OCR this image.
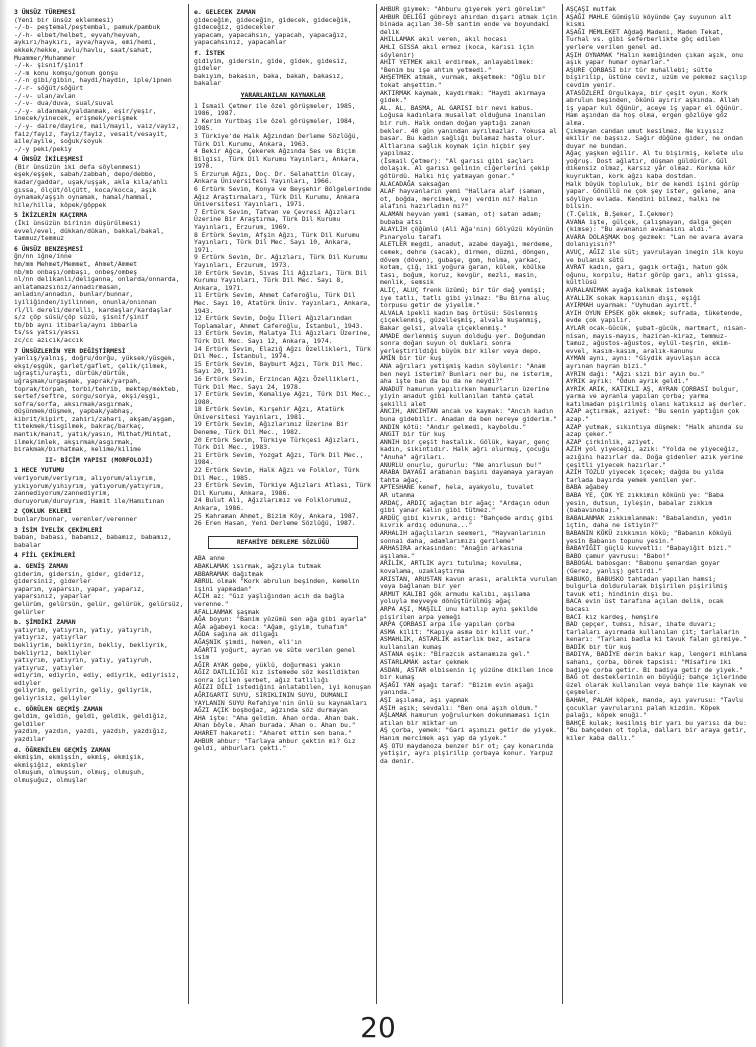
3 ÜNSÜZ TÜREMESİ
(Yeni bir ünsüz eklenmesi)
-/-b- peştemal/peştembal, pamuk/pambuk
-/-h- elbet/helbet, eyvah/heyvah, aykırı/haykırı, ayva/hayva, emi/hemi, ekkek/hekke, avlu/havlu, saat/sahat, Muammer/Muhammer
-/-k- şisnif/şinif
-/-m konu komşu/gonum gonşu
-/-n gibi/gibin, haydi/haydin, iple/ipnen
-/-r- söğüt/söğürt
-/-v- ulan/avlan
-/-v- dua/duva, sual/suval
-/-y- aldanmak/yaldanmak, eşir/yeşir, inecek/yinecek, erişmek/yerişmek
-/-y- daire/dayire, mail/mayil, vaiz/vayiz, faiz/fayiz, fayiz/fayiz, vesait/vesayit, aile/ayile, soğuk/soyuk
-/-y peki/pekiy
4 ÜNSÜZ İKİLEŞMESİ
(Bir ünsüzün iki defa söylenmesi)
eşek/eşşek, sabah/zabbah, depo/debbo, kadar/gaddar, uşak/uşşak, akla kıla/ahlı gıssa, ölçüt/ölçütt, koca/kocca, aşık oynamak/aşşıh oynamak, hamal/hammal, hile/hilla, köpek/göppek
5 İKİZLERİN KAÇIRMA
(İki ünsüzün birinin düşürülmesi)
evvel/evel, dükkan/dükan, bakkal/bakal, tammuz/temmuz
6 ÜNSÜZ BENZEŞMESİ
ğn/nn iğne/inne
hm/mm Mehmet/Memmet, Ahmet/Ammet
nb/mb onbaşı/ombaşı, onbeş/ombeş
nl/nn delikanlı/deliganna, onlarda/onnarda, anlatamazsınız/annadırmasan, anladın/annadın, bunlar/bunnar, iyiliğinden/iyilinnen, onunla/onınnan
rl/ll dereli/derelli, kardaşlar/kardaşlar
s/z çöp süsü/çöp süzü, şisnif/şinif
tb/bb aynı itibarla/aynı ibbarla
ts/ss yatsı/yassı
zc/cc azıcık/accık
7 ÜNSÜZLERİN YER DEĞİŞTİRMESİ
yanlış/yalnış, doğru/dorğu, yüksek/yüsgek, ekşi/eşgük, garlet/gaflet, çelik/çilmek, uğraştı/uraştı, dürtük/dürtük, uğraşmak/urgaşmak, yaprak/yarpah, toprak/torpah, torbi/tehrib, mektep/mekteb, sertef/seftre, sorgu/sorya, ekşi/eşgi, sofra/sorfa, aksırmak/asgırmak, düşünmek/düşmek, yapbak/yabhaş, kibrit/kipirt, zahiri/zahari, akşam/aşgam, titekmek/tisgilmek, bakraç/barkaç, mantık/manıt, yatık/yasın, Mithat/Mihtat, ilmek/imlek, akşırmak/asgırmak, birakmak/bırhatmak, kelime/kilime
II- BİÇİM YAPISI (MORFOLOJİ)
1 HECE YUTUMU
veriyorum/veriyrım, alıyorum/alıyrım, yıkıyorum/yıhıyrım, yatıyorum/yatıyrım, zannediyorum/zannediyrim, duruyorum/duruyrım, Hamit ile/Hamıtınan
2 ÇOKLUK EKLERİ
bunlar/bunnar, verenler/verenner
3 İSİM İYELİK ÇEKİMLERİ
baban, babası, babamız, babamız, babamız, babalar
4 FİİL ÇEKİMLERİ
a. GENİŞ ZAMAN
giderim, gidersin, gider, gideriz, gidersiniz, giderler
yaparım, yaparsın, yapar, yaparız, yaparsınız, yaparlar
gelürüm, gelürsün, gelür, gelürük, gelürsüz, gelürler
b. ŞİMDİKİ ZAMAN
yatıyrım, yatıyrın, yatıy, yatıyrıh, yatıyrız, yatıyrlar
bekliyrim, bekliyrin, bekliy, bekliyrik, bekliyriz, bekliyler
yatıyrım, yatıyrın, yatıy, yatıyruh, yatıyruz, yatıyler
ediyrim, ediyrin, ediy, ediyrik, ediyrisiz, ediyler
geliyrim, geliyrin, geliy, geliyrik, geliyrisiz, geliyler
c. GÖRÜLEN GEÇMİŞ ZAMAN
geldim, geldin, geldi, geldik, geldiğiz, geldiler
yazdım, yazdın, yazdı, yazdıh, yazdığız, yazdılar
d. ÖĞRENİLEN GEÇMİŞ ZAMAN
ekmişim, ekmişsin, ekmiş, ekmişik, ekmişiğiz, ekmişler
olmuşum, olmuşsun, olmuş, olmuşuh, olmuşuğuz, olmuşlar
e. GELECEK ZAMAN
gideceğim, gideceğin, gidecek, gideceğik, gideceğiz, gidecekler
yapacam, yapacahsın, yapacah, yapacağız, yapacahsınız, yapacahlar
f. İSTEK
gidiyim, gidersin, gide, gidek, gidesiz, gideler
bakıyım, bakasın, baka, bakah, bakasız, bakalar
YARARLANILAN KAYNAKLAR
1 İsmail Çetmer ile özel görüşmeler, 1985, 1986, 1987.
2 Kerim Yurtbaş ile özel görüşmeler, 1984, 1985.
3 Türkiye'de Halk Ağzından Derleme Sözlüğü, Türk Dil Kurumu, Ankara, 1963.
4 Bekir Ağca, Çekerek Ağzında Ses ve Biçim Bilgisi, Türk Dil Kurumu Yayınları, Ankara, 1970.
5 Erzurum Ağzı, Doç. Dr. Selahattin Olcay, Ankara Üniversitesi Yayınları, 1966.
6 Ertürk Sevim, Konya ve Beyşehir Bölgelerinde Ağız Araştırmaları, Türk Dil Kurumu, Ankara Üniversitesi Yayınları, 1971.
7 Ertürk Sevim, Tatvan ve Çevresi Ağızları Üzerine Bir Araştırma, Türk Dil Kurumu Yayınları, Erzurum, 1969.
8 Ertürk Sevim, Afşin Ağzı, Türk Dil Kurumu Yayınları, Türk Dil Mec. Sayı 10, Ankara, 1971.
9 Ertürk Sevim, Dr. Ağızları, Türk Dil Kurumu Yayınları, Erzurum, 1973.
10 Ertürk Sevim, Sivas İli Ağızları, Türk Dil Kurumu Yayınları, Türk Dil Mec. Sayı 8, Ankara, 1971.
11 Ertürk Sevim, Ahmet Caferoğlu, Türk Dil Mec. Sayı 10, Atatürk Üniv. Yayınları, Ankara, 1943.
12 Ertürk Sevim, Doğu İlleri Ağızlarından Toplamalar, Ahmet Caferoğlu, İstanbul, 1943.
13 Ertürk Sevim, Malatya İli Ağızları Üzerine, Türk Dil Mec. Sayı 12, Ankara, 1974.
14 Ertürk Sevim, Elazığ Ağzı Özellikleri, Türk Dil Mec., İstanbul, 1974.
15 Ertürk Sevim, Bayburt Ağzı, Türk Dil Mec. Sayı 20, 1971.
16 Ertürk Sevim, Erzincan Ağzı Özellikleri, Türk Dil Mec. Sayı 24, 1978.
17 Ertürk Sevim, Kemaliye Ağzı, Türk Dil Mec., 1980.
18 Ertürk Sevim, Kırşehir Ağzı, Atatürk Üniversitesi Yayınları, 1981.
19 Ertürk Sevim, Ağızlarımız Üzerine Bir Deneme, Türk Dil Mec., 1982.
20 Ertürk Sevim, Türkiye Türkçesi Ağızları, Türk Dil Mec., 1983.
21 Ertürk Sevim, Yozgat Ağzı, Türk Dil Mec., 1984.
22 Ertürk Sevim, Halk Ağzı ve Folklor, Türk Dil Mec., 1985.
23 Ertürk Sevim, Türkiye Ağızları Atlası, Türk Dil Kurumu, Ankara, 1986.
24 Bulut Ali, Ağızlarımız ve Folklorumuz, Ankara, 1986.
25 Kahraman Ahmet, Bizim Köy, Ankara, 1987.
26 Eren Hasan, Yeni Derleme Sözlüğü, 1987.
REFAHİYE DERLEME SÖZLÜĞÜ
ABA anne
ABAKLAMAK ısırmak, ağzıyla tutmak
ABBARAMAK dağıtmak
ABRUL olmak "Kork abrulun beşinden, kemelin işini yapmadan"
ACIH az: "Gız yaşlığından acıh da bağla verenne."
AFALLANMAK şaşmak
AĞA boyun: "Banim yüzümü sen ağa gibi ayarla"
AĞA ağabeyi koca: "Ağam, giyim, tuhafım"
AĞDA sağına ak dilgağı
AĞAŞNIK şimdi, hemen, eli'ın
AĞARTI yoğurt, ayran ve süte verilen genel isim
AĞIR AYAK gebe, yüklü, doğurması yakın
AĞIZ DATLILIĞI kız istemede söz kesildikten sonra içilen şerbet, ağız tatlılığı
AĞIZI DİLİ istediğini anlatabilen, iyi konuşan
AĞRIGARTI SUYU, SIRIKLININ SUYU, DUMANLI YAYLANIN SUYU Refahiye'nin ünlü su kaynakları
AĞZI AÇIK boşboğaz, ağzında söz durmayan
AHA işte: "Aha geldim. Ahan orda. Ahan bak. Ahan böyle. Ahan burada. Ahan o. Ahan bu."
AHARET hakareti: "Aharet ettin sen bana."
AHBUR ahbur: "Tarlaya ahbur çektin mi? Gız geldi, ahburları çekti."
AHBUR giymek: "Ahburu giyerek yeri görelim"
AHBUR DELİĞİ gübreyi ahırdan dışarı atmak için binada açılan 30-50 santim ende ve boyundaki delik
AHILLAMAK akıl veren, akıl hocası
AHLI GISSA akıl ermez (koca, karısı için söylenir)
AHIT YETMEK akıl erdirmek, anlayabilmek: "Benim bu işe ahtım yetmedi."
AHŞETMEK atmak, vurmak, akşetmek: "Oğlu bir tokat ahşettim."
AKTIRMAK kaymak, kaydırmak: "Haydi akırmaya gidek."
AL. AL. BASMA, AL GARISI bir nevi kabus. Loğusa kadınlara musallat olduğuna inanılan bir ruh. Halk ondan doğan yaptığı zanan bekler. 40 gün yanından ayrılmazlar. Yokusa al basar. Bu kadın sağlığı bulamaz hasta olur. Altlarına sağlık koymak için hiçbir şey yapılmaz.
(İsmail Çetmer): "Al garısı gibi saçları dolaşık. Al garısı gelinin ciğerlerini çekip götürdü. Halkı hiç yatmayan gonar."
ALACADAĞA saksağan
ALAF hayvanların yemi "Hallara alaf (saman, ot, boğda, mercimek, ve) verdin mi? Halın alafını hazırladın mı?"
ALAMAN heyvan yemi (saman, ot) satan adam; bubaba atsı
ALAYLIH çöğümlü (Ali Ağa'nın) Gölyüzü köyünün Pınaryolu tarafı
ALETLER megdi, anadut, azabe dayağı, merdeme, cemek, dehre (sacak), dirmen, düzmi, döngen, dövem (döven), gubaşe, gom, holma, yarkac, kotam, çiğ, iki yoğura garan, külek, köülke tası, boğum, koruz, kevgür, mezli, masin, menlik, semsik
ALIÇ, ALUÇ frenk üzümü; bir tür dağ yemişi; iye tatlı, tatlı gibi yılmaz: "Bu Birna aluç torpusu getir de yiyelim."
ALVALA ipekli kadın baş örtüsü: Süslenmiş çiçeklenmiş, güzelleşmiş, alvala kuşanmış, Bakar gelsi, alvala çiçeklenmiş."
AMADE derlenmiş suyun dolduğu yer. Doğumdan sonra doğan suyun ol dukları sonra yerleştirildiği büyük bir kiler veya depo.
AMİN bir tür kuş
ANA ağrıları yetişmiş kadın söylenir: "Anam ben neyi isterim? Bunları ner bu, ne isterim, aha işte ban da bu da ne neydi?"
ANADUT hamurun yapılırken hamurların üzerine yiyin anadut gibi kullanılan tahta çatal şekilli alet
ANCIH, ANCIHTAN ancak ve kaymak: "Ancıh kadın buna gidebilir. Anadan da ben nereye giderim."
ANDIN kötü: "Andır gelmedi, kayboldu."
ANGIT bir tür kuş
ANNIH bir çeşit hastalık. Gölük, kayar, genç kadın, sıkıntıdır. Halk ağrı olurmuş, çocuğu "Anuha" ağrıları.
ANURLU onurlu, gururlu: "Ne anırlusun bu!"
ARABA DAYAĞI arabanın başını dayamaya yarayan tahta ağaç.
APTESHANE kenef, hela, ayakyolu, tuvalet
AR utanma
ARDAÇ, ARDIÇ ağaçtan bir ağaç: "Ardaçın odun gibi yanar kalın gibi tütmez."
ARDÜÇ gibi kıvrık, ardıç: "Bahçede ardıç gibi kıvrık ardıç odununa..."
ARHALIH ağaçlıların seemeri, "Hayvanlarının sonnai daha, adamlarımızı gerileme"
ARHASIRA arkasından: "Anağın arkasına aşılama."
ARİLİK, ARTLIK ayrı tutulma; kovulma, kovalama, uzaklaştırma
ARISTAN, ARUSTAN kavun arası, aralıkta vurulan veya bağlanan bir yer
ARMUT KALIBI gök armudu kalıbı, aşılama yoluyla meyveye dönüştürülmüş ağaç
ARPA AŞI, MAŞILI unu katılıp aynı şekilde pişirilen arpa yemeği
ARPA ÇORBASI arpa ile yapılan çorba
ASMA kilit: "Kapıya asma bir kilit vur."
ASMAHLIK, ASTARLIK astarlık bez, astara kullanılan kumaş
ASTANA eşik: "Birazcık astanamıza gel."
ASTARLAMAK astar çekmek
ASDAN, ASTAR elbisenin iç yüzüne dikilen ince bir kumaş
AŞAĞI YAN aşağı taraf: "Bizim evin aşağı yanında."
AŞI aşılama, aşı yapmak
AŞIH aşık; sevdalı: "Ben ona aşıh oldum."
AŞLAMAK hamurun yoğrulurken dokunmaması için atılan bir miktar un
AŞ çorba, yemek: "Gari aşımızı getir de yiyek. Hanım mercimek aşı yap da yiyek."
AŞ OTU maydanoza benzer bir ot; çay konarında yetişir, ayrı pişirilip çorbaya konur. Yarpuz da denir.
AŞÇAŞI mutfak
AŞAĞI MAHLE Gümüşlü köyünde Çay suyunun alt kısmı
AŞAĞI MEMLEKET Ağdağ Madeni, Maden Tekat, Turhal vs. gibi seferberlikte göç edilen yerlere verilen genel ad.
AŞIH OYNAMAK "Halın kemiğinden çıkan aşık, onu aşık yapar humar oynarlar."
AŞURE ÇORBASI bir tür muhallebi; sütte bişirilip, üstüne ceviz, uzüm ve pekmez saçılıp cevdim yenir.
ATASÖZLERİ Orgulkaya, bir çeşit oyun. Kork abrulun beşinden, ökünü ayırır aşkında. Allah iş yapar kul öğünür, aceye iş yapar el öğünür. Ham aşından da hoş olma, ergen gözlüye göz alma.
Çıkmayan candan umut kesilmez. Ne kıyısız ekilir ne başsız. Sağır düğüne gider, ne ondan duyar ne bundan.
Ağaç yaşken eğilir. Al tu bişirmiş, kelete ulu yoğruş. Dost ağlatır, düşman güldürür. Gül dikensiz olmaz, karsız yâr olmaz. Korkma kör kuyruktan, kork ağzı kaba dostdan.
Halk büyük topluluk, bir de kendi işini görüp yapar. Gönüllü ne çok şey ister, gelene, ana söylüyo evlada. Kendini bilmez, halkı ne bilsin.
(T.Çelik, B.Şeker, İ.Çekmer)
AVANA işte, gülçek, çalışmayan, dalga geçen (kimse): "Bu avananın avanasını aldı."
AVARA DOLAŞMAK boş gezmek: "Lan ne avara avara dolanıyısın?"
AVUÇ, AĞIZ ile süt; yavrulayan inegin ilk koyu ve bulanık sütü
AVRAT kadın, garı, gagık ortağı, hatun gök oğunu, korpılu, Hatır görüp garı, ahlı gissa, kültlüsü
AVRALANIMAK ayağa kalkmak istemek
AYALLIK sokak kapısının dışı, eşiği
AYIRMAH uyarmak: "Uyhudan ayırtt."
AYIH OYUN EPSEK gök ekmek; sufrada, tüketende, evde çok yapılır.
AYLAR ocak-Gücük, şubat-gücük, martmart, nisan-nisan, mayıs-mayıs, haziran-kiraz, temmuz-tamuz, ağustos-ağustos, eylül-teşrin, ekim-evvel, kasım-kasım, aralık-kanunu
AYMAN aynı, aynı: "Giydik ayuvlaşın acca ayrınan hayran bizi."
AYRIN dağı: "Ağzı sizi bir ayın bu."
AYRIK ayrık: "Odun ayrık geldi."
AYRİK ARIK, KATIKLI AŞ, AYRAN ÇORBASI bulgur, yarma ve ayranla yapılan çorba; yarma katılmadan pişirilmiş olanı katıksız aş derler.
AZAP açtırmak, aziyet: "Bu senin yaptığın çok azap."
AZAP yutmak, sıkıntıya düşmek: "Halk ahında su azap çeker."
AZAP çirkinlik, aziyet.
AZIH yol yiyeceği, azık: "Yolda ne yiyeceğiz, azığını hazırlar da. Doğa gidenler azık yerine çeşitli yiyecek hazırlar."
AZIH TOZLU yiyecek içecek; dağda bu yılda tarlada bayırda yemek yenilen yer.
BABA ağabey
BABA YE, ÇOK YE zıkkımın kökünü ye: "Baba yesin, dutsun, iyleşin, babalar zıkkım (babavınoba)."
BABALANMAK zıkkımlanmak: "Babalandın, yedin içtin, daha ne istiyin?"
BABANIN KÖKÜ zıkkımın kökü; "Babanın köküyü yesin Babanın topunu yesin."
BABAYİĞİT güçlü kuvvetli: "Babayiğit bizi."
BABO çamur yavrusu: "Babo!"
BABOGAL babosgan: "Babonu şenardan goyar (Gerez, yanlış) getirdi."
BABUKO, BABUSKO tahtadan yapılan hamsi; bulgurla doldurularak bişirilen pişirilmiş tavuk eti; hindinin dışı bu.
BACA evin üst tarafına açılan delik, ocak bacası
BACI kız kardeş, hemşire
BAD çepçer, tumsı, hisar, ihate duvarı; tarlaları ayırmada kullanılan çit; tarlalarin kenarı: "Tarlanı badla ki tavuk falan girmiye."
BADİK bir tür kuş
BADIYA, BADİYE derin bakır kap, lengeri mihlama sahanı, çorba, börek tapsisi: "Misafire iki badiye çorba getir. Bi badiya getir de yiyek."
BAĞ ot desteklerinin en büyüğü; bahçe içlerinde üzel olarak kullanılan veya bahçe ile kaynak ve çeşmeler.
BAHAH, PALAH köpek, manda, ayı yavrusu: "Tavlu çocuklar yavrularını palah kizdin. Köpek palağı, köpek enuği."
BAHÇE kulak; kesilmiş bir yarı bu yarısı da bu: "Bu bahçeden ot topla, dalları bir araya getir, kiler kaba dallı."
20
